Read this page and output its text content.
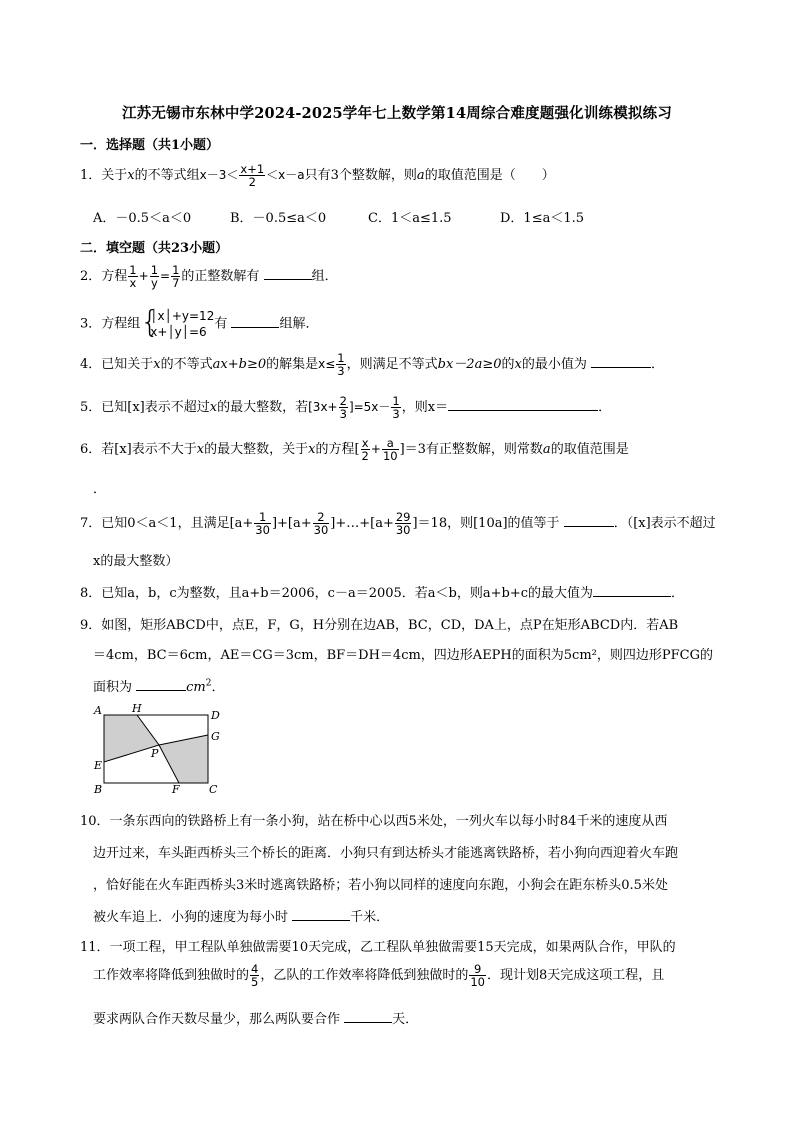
江苏无锡市东林中学2024-2025学年七上数学第14周综合难度题强化训练模拟练习
一．选择题（共1小题）
1．关于x的不等式组$x-3< \frac{x+1}{2} <x-a$只有3个整数解，则a的取值范围是（　　）
A．－0.5＜a＜0	B．－0.5≤a＜0	C．1＜a≤1.5	D．1≤a＜1.5
二．填空题（共23小题）
2．方程 $\frac{1}{x} + \frac{1}{y} = \frac{1}{7}$ 的正整数解有	组．
3．方程组 {
│x│+y=12
x+│y│=6
有	组解．
4．已知关于x的不等式ax+b≥0的解集是$x\le \frac{1}{3}$ ，则满足不等式bx－2a≥0的x的最小值为	．
5．已知[x]表示不超过x的最大整数，若$[3x+ \frac{2}{3} ]=5x- \frac{1}{3}$ ，则x＝	．
6．若[x]表示不大于x的最大整数，关于x的方程[ $\frac{x}{2} + \frac{a}{10} ]=3$有正整数解，则常数a的取值范围是
．
7．已知0＜a＜1，且满足$[a+ \frac{1}{30} ]+[a+ \frac{2}{30}$ ]+…+[a+ $\frac{29}{30} ]=18$，则[10a]的值等于	．（[x]表示不超过
x的最大整数）
8．已知a，b，c为整数，且a+b＝2006，c－a＝2005．若a＜b，则a+b+c的最大值为	．
9．如图，矩形ABCD中，点E，F，G，H分别在边AB，BC，CD，DA上，点P在矩形ABCD内．若AB
＝4cm，BC＝6cm，AE＝CG＝3cm，BF＝DH＝4cm，四边形AEPH的面积为5cm²，则四边形PFCG的
面积为	$cm^2$．
A	H
D
G
P
E
B	F	C
10．一条东西向的铁路桥上有一条小狗，站在桥中心以西5米处，一列火车以每小时84千米的速度从西
边开过来，车头距西桥头三个桥长的距离．小狗只有到达桥头才能逃离铁路桥，若小狗向西迎着火车跑
，恰好能在火车距西桥头3米时逃离铁路桥；若小狗以同样的速度向东跑，小狗会在距东桥头0.5米处
被火车追上．小狗的速度为每小时	千米．
11．一项工程，甲工程队单独做需要10天完成，乙工程队单独做需要15天完成，如果两队合作，甲队的
工作效率将降低到独做时的 $\frac{4}{5}$ ，乙队的工作效率将降低到独做时的 $\frac{9}{10}$ ．现计划8天完成这项工程，且
要求两队合作天数尽量少，那么两队要合作	天．
